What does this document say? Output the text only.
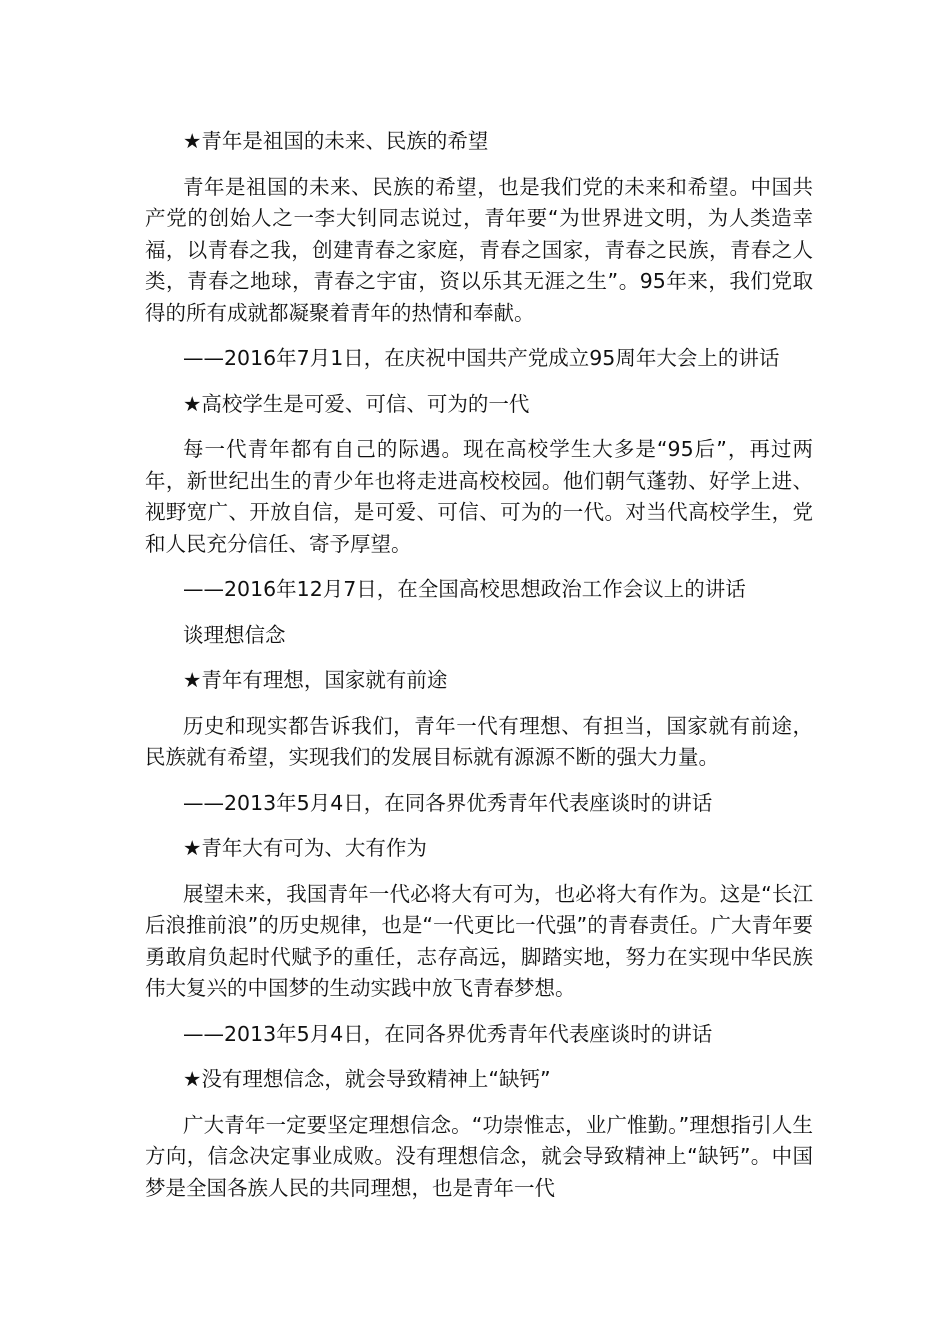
★青年是祖国的未来、民族的希望

青年是祖国的未来、民族的希望，也是我们党的未来和希望。中国共产党的创始人之一李大钊同志说过，青年要“为世界进文明，为人类造幸福，以青春之我，创建青春之家庭，青春之国家，青春之民族，青春之人类，青春之地球，青春之宇宙，资以乐其无涯之生”。95年来，我们党取得的所有成就都凝聚着青年的热情和奉献。

——2016年7月1日，在庆祝中国共产党成立95周年大会上的讲话

★高校学生是可爱、可信、可为的一代

每一代青年都有自己的际遇。现在高校学生大多是“95后”，再过两年，新世纪出生的青少年也将走进高校校园。他们朝气蓬勃、好学上进、视野宽广、开放自信，是可爱、可信、可为的一代。对当代高校学生，党和人民充分信任、寄予厚望。

——2016年12月7日，在全国高校思想政治工作会议上的讲话

谈理想信念

★青年有理想，国家就有前途

历史和现实都告诉我们，青年一代有理想、有担当，国家就有前途，民族就有希望，实现我们的发展目标就有源源不断的强大力量。

——2013年5月4日，在同各界优秀青年代表座谈时的讲话

★青年大有可为、大有作为

展望未来，我国青年一代必将大有可为，也必将大有作为。这是“长江后浪推前浪”的历史规律，也是“一代更比一代强”的青春责任。广大青年要勇敢肩负起时代赋予的重任，志存高远，脚踏实地，努力在实现中华民族伟大复兴的中国梦的生动实践中放飞青春梦想。

——2013年5月4日，在同各界优秀青年代表座谈时的讲话

★没有理想信念，就会导致精神上“缺钙”

广大青年一定要坚定理想信念。“功崇惟志，业广惟勤。”理想指引人生方向，信念决定事业成败。没有理想信念，就会导致精神上“缺钙”。中国梦是全国各族人民的共同理想，也是青年一代
